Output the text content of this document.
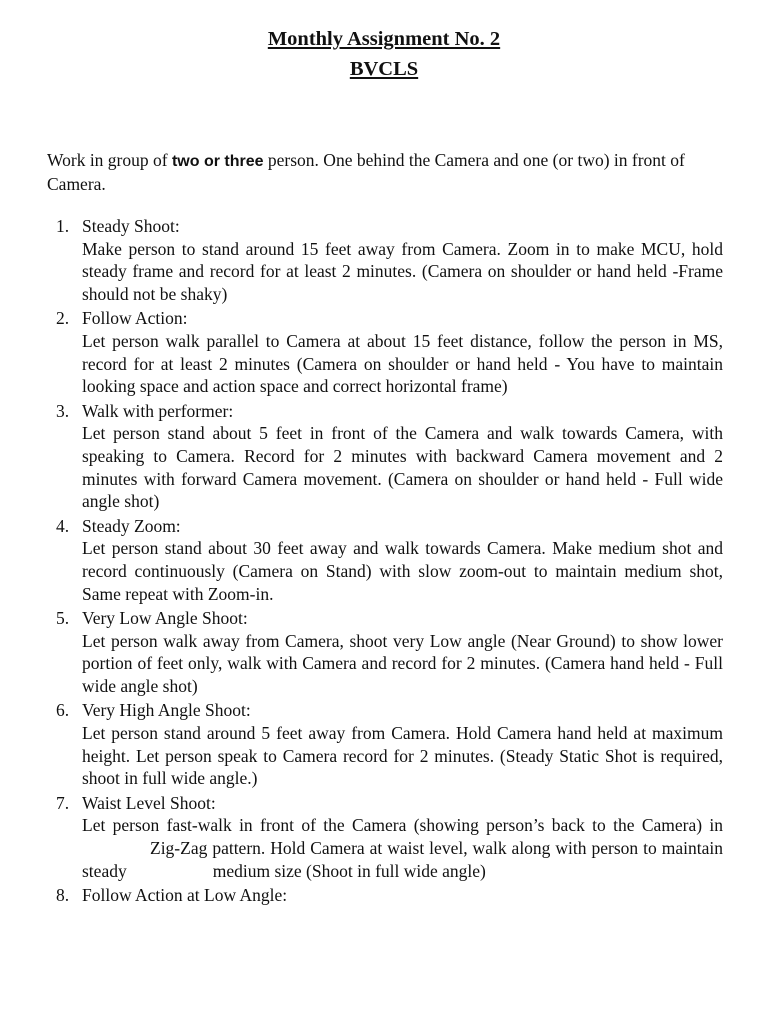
Monthly Assignment No. 2
BVCLS

Work in group of two or three person. One behind the Camera and one (or two) in front of Camera.

1. Steady Shoot:
Make person to stand around 15 feet away from Camera. Zoom in to make MCU, hold steady frame and record for at least 2 minutes. (Camera on shoulder or hand held -Frame should not be shaky)
2. Follow Action:
Let person walk parallel to Camera at about 15 feet distance, follow the person in MS, record for at least 2 minutes (Camera on shoulder or hand held - You have to maintain looking space and action space and correct horizontal frame)
3. Walk with performer:
Let person stand about 5 feet in front of the Camera and walk towards Camera, with speaking to Camera. Record for 2 minutes with backward Camera movement and 2 minutes with forward Camera movement. (Camera on shoulder or hand held - Full wide angle shot)
4. Steady Zoom:
Let person stand about 30 feet away and walk towards Camera. Make medium shot and record continuously (Camera on Stand) with slow zoom-out to maintain medium shot, Same repeat with Zoom-in.
5. Very Low Angle Shoot:
Let person walk away from Camera, shoot very Low angle (Near Ground) to show lower portion of feet only, walk with Camera and record for 2 minutes. (Camera hand held - Full wide angle shot)
6. Very High Angle Shoot:
Let person stand around 5 feet away from Camera. Hold Camera hand held at maximum height. Let person speak to Camera record for 2 minutes. (Steady Static Shot is required, shoot in full wide angle.)
7. Waist Level Shoot:
Let person fast-walk in front of the Camera (showing person’s back to the Camera) inZig-Zag pattern. Hold Camera at waist level, walk along with person to maintain steady	medium size (Shoot in full wide angle)
8. Follow Action at Low Angle:
